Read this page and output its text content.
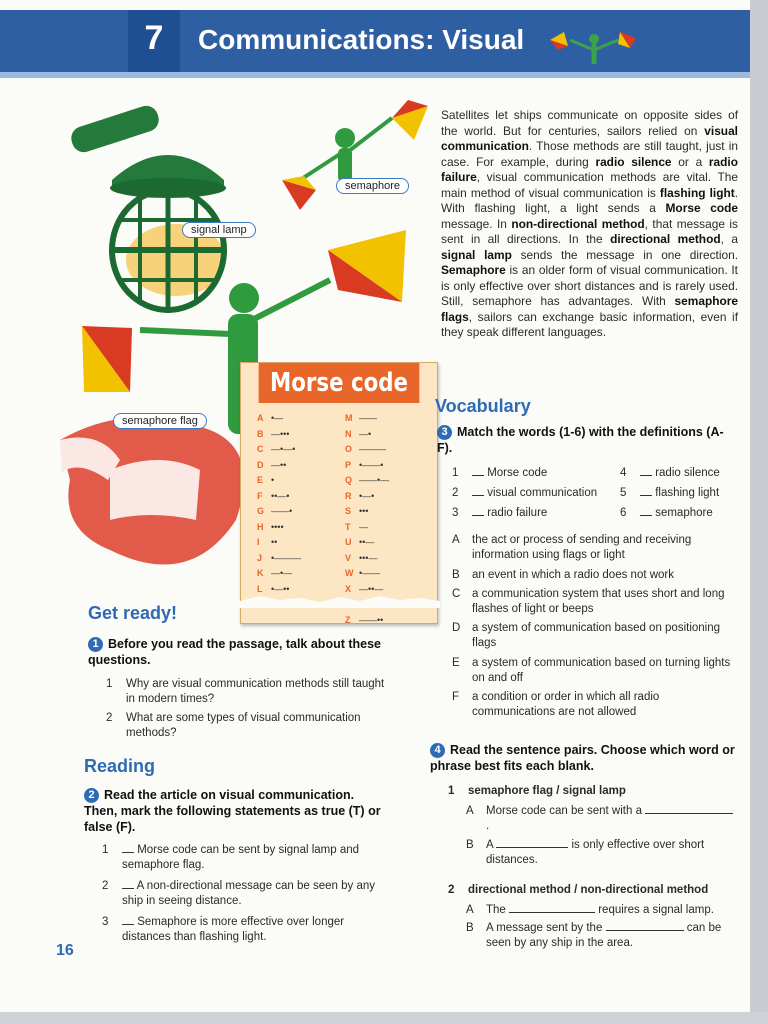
7	Communications: Visual
semaphore
signal lamp
semaphore flag
Morse code
A •—
B —•••
C —•—•
D —••
E •
F ••—•
G ——•
H ••••
I ••
J •———
K —•—
L •—••
M ——
N —•
O ———
P •——•
Q ——•—
R •—•
S •••
T —
U ••—
V •••—
W •——
X —••—
Z ——••
Satellites let ships communicate on opposite sides of the world. But for centuries, sailors relied on visual communication. Those methods are still taught, just in case. For example, during radio silence or a radio failure, visual communication methods are vital. The main method of visual communication is flashing light. With flashing light, a light sends a Morse code message. In non-directional method, that message is sent in all directions. In the directional method, a signal lamp sends the message in one direction. Semaphore is an older form of visual communication. It is only effective over short distances and is rarely used. Still, semaphore has advantages. With semaphore flags, sailors can exchange basic information, even if they speak different languages.
Get ready!
1 Before you read the passage, talk about these questions.
1 Why are visual communication methods still taught in modern times?
2 What are some types of visual communication methods?
Reading
2 Read the article on visual communication. Then, mark the following statements as true (T) or false (F).
1	Morse code can be sent by signal lamp and semaphore flag.
2	A non-directional message can be seen by any ship in seeing distance.
3	Semaphore is more effective over longer distances than flashing light.
Vocabulary
3 Match the words (1-6) with the definitions (A-F).
1	Morse code	4	radio silence
2	visual communication 5	flashing light
3	radio failure	6	semaphore
A the act or process of sending and receiving information using flags or light
B an event in which a radio does not work
C a communication system that uses short and long flashes of light or beeps
D a system of communication based on positioning flags
E a system of communication based on turning lights on and off
F a condition or order in which all radio communications are not allowed
4 Read the sentence pairs. Choose which word or phrase best fits each blank.
1 semaphore flag / signal lamp
A Morse code can be sent with a .
B A	is only effective over short distances.
2 directional method / non-directional method
A The	requires a signal lamp.
B A message sent by the	can be seen by any ship in the area.
16
